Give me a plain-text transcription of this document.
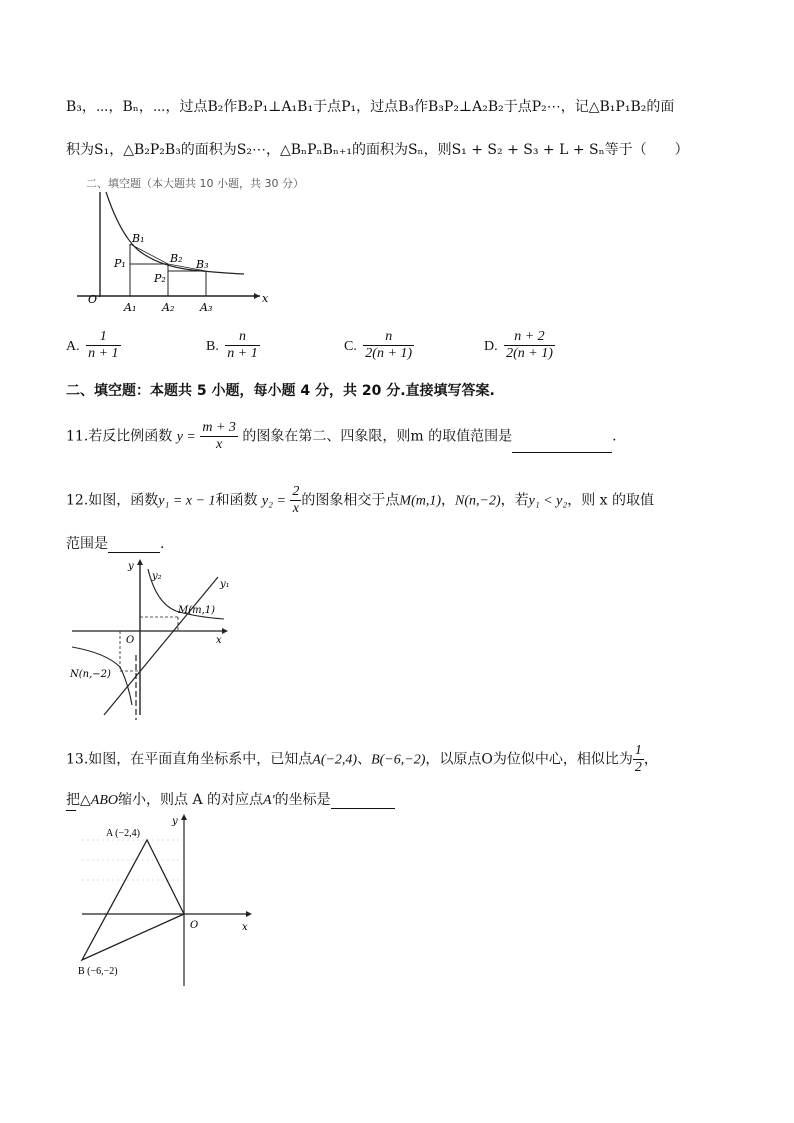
B₃，⋯，Bₙ，⋯，过点B₂作B₂P₁⊥A₁B₁于点P₁，过点B₃作B₃P₂⊥A₂B₂于点P₂⋯，记△B₁P₁B₂的面
积为S₁，△B₂P₂B₃的面积为S₂⋯，△BₙPₙBₙ₊₁的面积为Sₙ，则S₁ + S₂ + S₃ + L + Sₙ等于（　　）
二、填空题（本大题共 10 小题，共 30 分）
B₁
B₂ B₃
P₁
P₂
O
A₁ A₂ A₃
x
A. $\frac{1}{n + 1}$	B. $\frac{n}{n + 1}$	C. $\frac{n}{2(n + 1)}$	D. $\frac{n + 2}{2(n + 1)}$
二、填空题：本题共 5 小题，每小题 4 分，共 20 分.直接填写答案.
11.若反比例函数 $y = \frac{m + 3}{x}$ 的图象在第二、四象限，则m 的取值范围是	.
12.如图，函数y₁ = x − 1和函数 $y_2 = \frac{2}{x}$ 的图象相交于点M(m,1)，N(n,−2)，若y₁ < y₂，则 x 的取值
范围是	.
y
y₂
y₁
O	x
M(m,1)
N(n,−2)
13.如图，在平面直角坐标系中，已知点A(−2,4)、B(−6,−2)，以原点O为位似中心，相似比为 $\frac{1}{2}$ ，
把△ABO缩小，则点 A 的对应点A′的坐标是
A (−2,4)
B (−6,−2)
O
y
x
